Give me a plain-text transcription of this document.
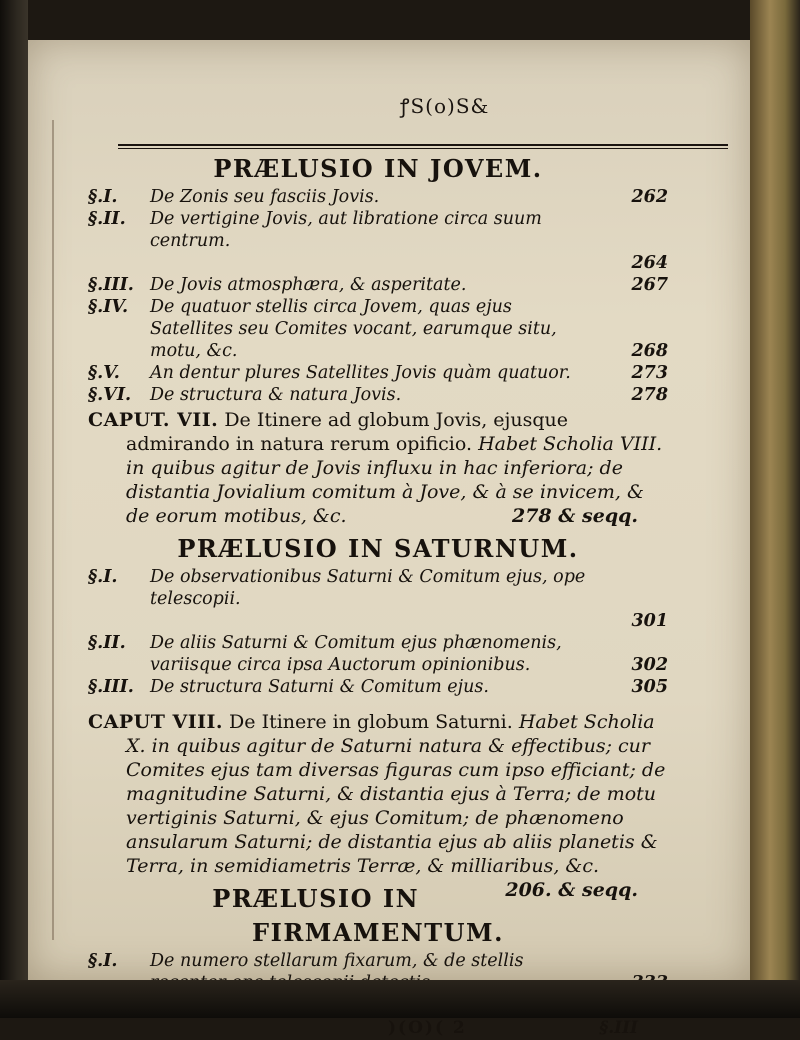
ꝭS(o)S&
PRÆLUSIO IN JOVEM.

§.I. De Zonis seu fasciis Jovis.	262

§.II. De vertigine Jovis, aut libratione circa suum centrum.
264

§.III. De Jovis atmosphæra, & asperitate.	267

§.IV. De quatuor stellis circa Jovem, quas ejus Satellites seu Comites vocant, earumque situ, motu, &c.	268

§.V. An dentur plures Satellites Jovis quàm quatuor.	273

§.VI. De structura & natura Jovis.	278

CAPUT. VII. De Itinere ad globum Jovis, ejusque admirando in natura rerum opificio. Habet Scholia VIII. in quibus agitur de Jovis influxu in hac inferiora; de distantia Jovialium comitum à Jove, & à se invicem, & de eorum motibus, &c.	278 & seqq.

PRÆLUSIO IN SATURNUM.

§.I. De observationibus Saturni & Comitum ejus, ope telescopii.
301

§.II. De aliis Saturni & Comitum ejus phænomenis, variisque circa ipsa Auctorum opinionibus.	302

§.III. De structura Saturni & Comitum ejus.	305

CAPUT VIII. De Itinere in globum Saturni. Habet Scholia X. in quibus agitur de Saturni natura & effectibus; cur Comites ejus tam diversas figuras cum ipso efficiant; de magnitudine Saturni, & distantia ejus à Terra; de motu vertiginis Saturni, & ejus Comitum; de phænomeno ansularum Saturni; de distantia ejus ab aliis planetis & Terra, in semidiametris Terræ, & milliaribus, &c.
206. & seqq.

PRÆLUSIO IN FIRMAMENTUM.

§.I. De numero stellarum fixarum, & de stellis

)(O)( 2	§.III
